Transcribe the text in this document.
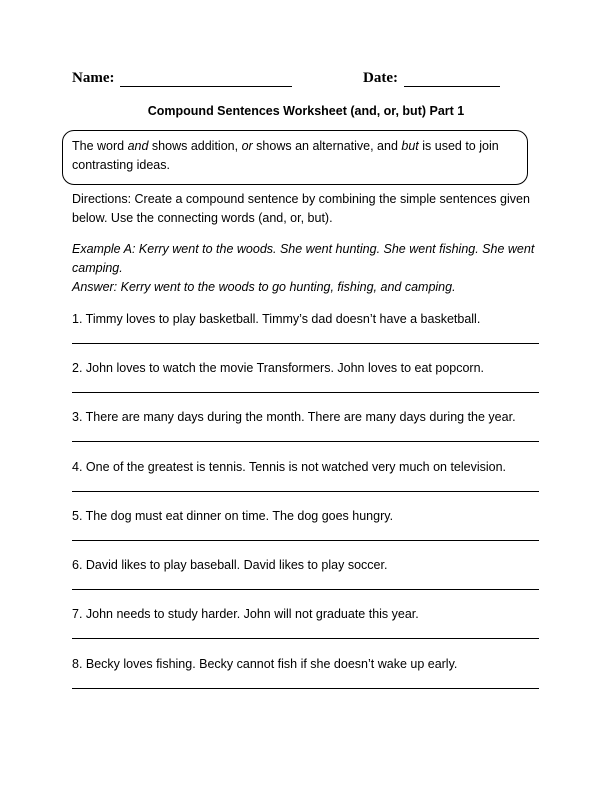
Name:	Date:
Compound Sentences Worksheet (and, or, but) Part 1
The word and shows addition, or shows an alternative, and but is used to join contrasting ideas.
Directions: Create a compound sentence by combining the simple sentences given below. Use the connecting words (and, or, but).
Example A: Kerry went to the woods. She went hunting. She went fishing. She went camping.
Answer: Kerry went to the woods to go hunting, fishing, and camping.
1. Timmy loves to play basketball. Timmy’s dad doesn’t have a basketball.
2. John loves to watch the movie Transformers. John loves to eat popcorn.
3. There are many days during the month. There are many days during the year.
4. One of the greatest is tennis. Tennis is not watched very much on television.
5. The dog must eat dinner on time. The dog goes hungry.
6. David likes to play baseball. David likes to play soccer.
7. John needs to study harder. John will not graduate this year.
8. Becky loves fishing. Becky cannot fish if she doesn’t wake up early.
